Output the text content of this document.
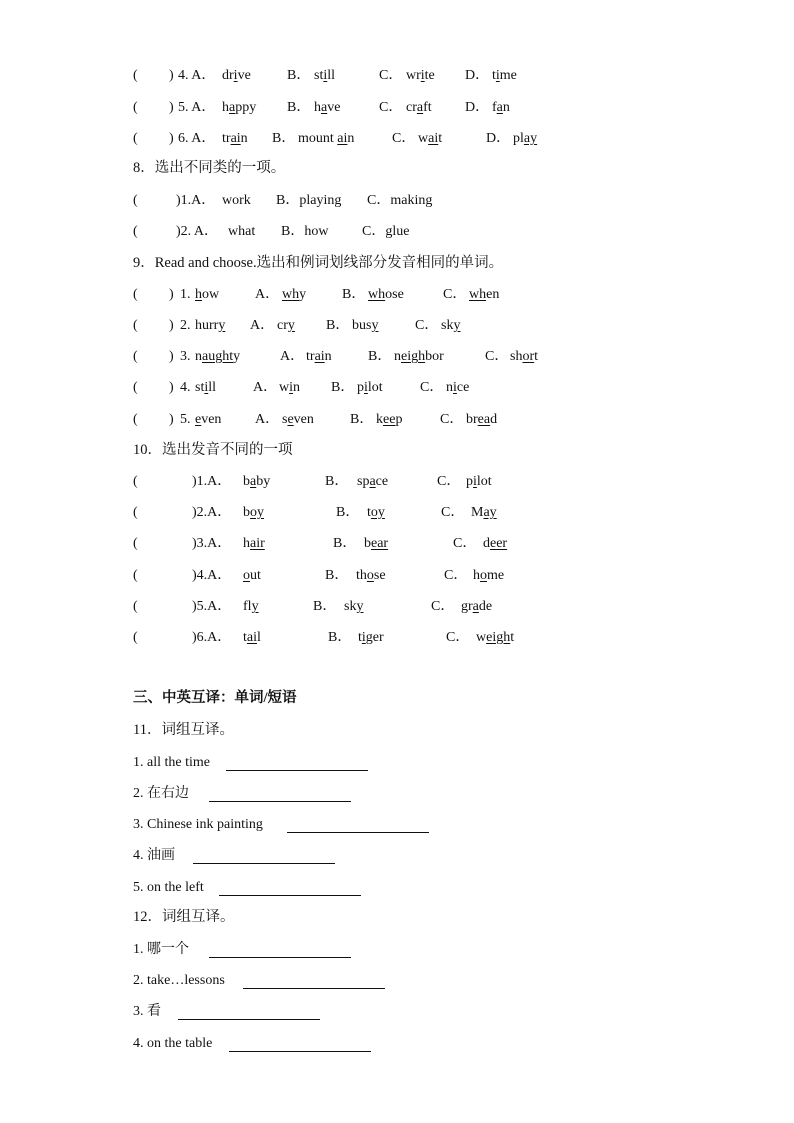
( ) 4. A． drive	B． still	C． write D． time
( ) 5. A． happy B． have	C． craft D． fan
( ) 6. A． train B． mount ain	C． wait	D． play
8．选出不同类的一项。
(	)1.A． work B．playing C．making
(	)2. A． what B．how C．glue
9．Read and choose.选出和例词划线部分发音相同的单词。
( ) 1. how	A． why	B． whose	C． when
( ) 2. hurry A． cry B． busy	C． sky
( ) 3. naughty	A． train	B． neighbor	C． short
( ) 4. still	A． win B． pilot	C． nice
( ) 5. even A． seven	B． keep	C． bread
10．选出发音不同的一项
(	)1.A． baby	B． space	C． pilot
(	)2.A． boy	B． toy	C． May
(	)3.A． hair	B． bear	C． deer
(	)4.A． out	B． those	C． home
(	)5.A． fly	B． sky	C． grade
(	)6.A． tail	B． tiger	C． weight
三、中英互译：单词/短语
11．词组互译。
1. all the time
2. 在右边
3. Chinese ink painting
4. 油画
5. on the left
12．词组互译。
1. 哪一个
2. take…lessons
3. 看
4. on the table
